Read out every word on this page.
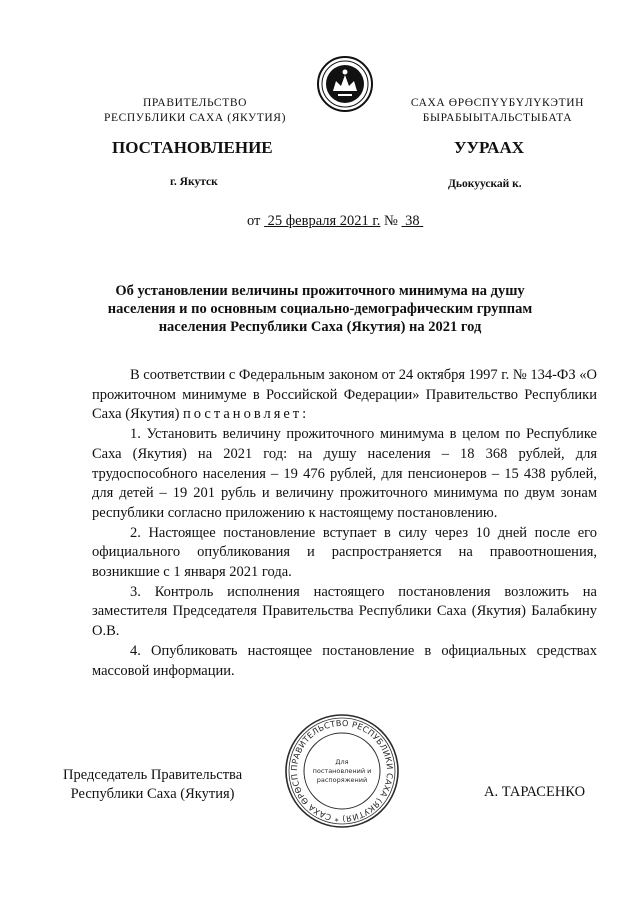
ПРАВИТЕЛЬСТВО
РЕСПУБЛИКИ САХА (ЯКУТИЯ)
САХА ӨРӨСПҮҮБҮЛҮКЭТИН
БЫРАБЫЫТАЛЬСТЫБАТА
ПОСТАНОВЛЕНИЕ	УУРААХ
г. Якутск	Дьокуускай к.
от 25 февраля 2021 г. № 38
Об установлении величины прожиточного минимума на душу
населения и по основным социально-демографическим группам
населения Республики Саха (Якутия) на 2021 год

В соответствии с Федеральным законом от 24 октября 1997 г. № 134-ФЗ «О прожиточном минимуме в Российской Федерации» Правительство Республики Саха (Якутия) постановляет:

1. Установить величину прожиточного минимума в целом по Республике Саха (Якутия) на 2021 год: на душу населения – 18 368 рублей, для трудоспособного населения – 19 476 рублей, для пенсионеров – 15 438 рублей, для детей – 19 201 рубль и величину прожиточного минимума по двум зонам республики согласно приложению к настоящему постановлению.

2. Настоящее постановление вступает в силу через 10 дней после его официального опубликования и распространяется на правоотношения, возникшие с 1 января 2021 года.

3. Контроль исполнения настоящего постановления возложить на заместителя Председателя Правительства Республики Саха (Якутия) Балабкину О.В.

4. Опубликовать настоящее постановление в официальных средствах массовой информации.

ПРАВИТЕЛЬСТВО РЕСПУБЛИКИ САХА (ЯКУТИЯ) * САХА ӨРӨСП
Для
постановлений и
распоряжений
Председатель Правительства
Республики Саха (Якутия)	А. ТАРАСЕНКО
